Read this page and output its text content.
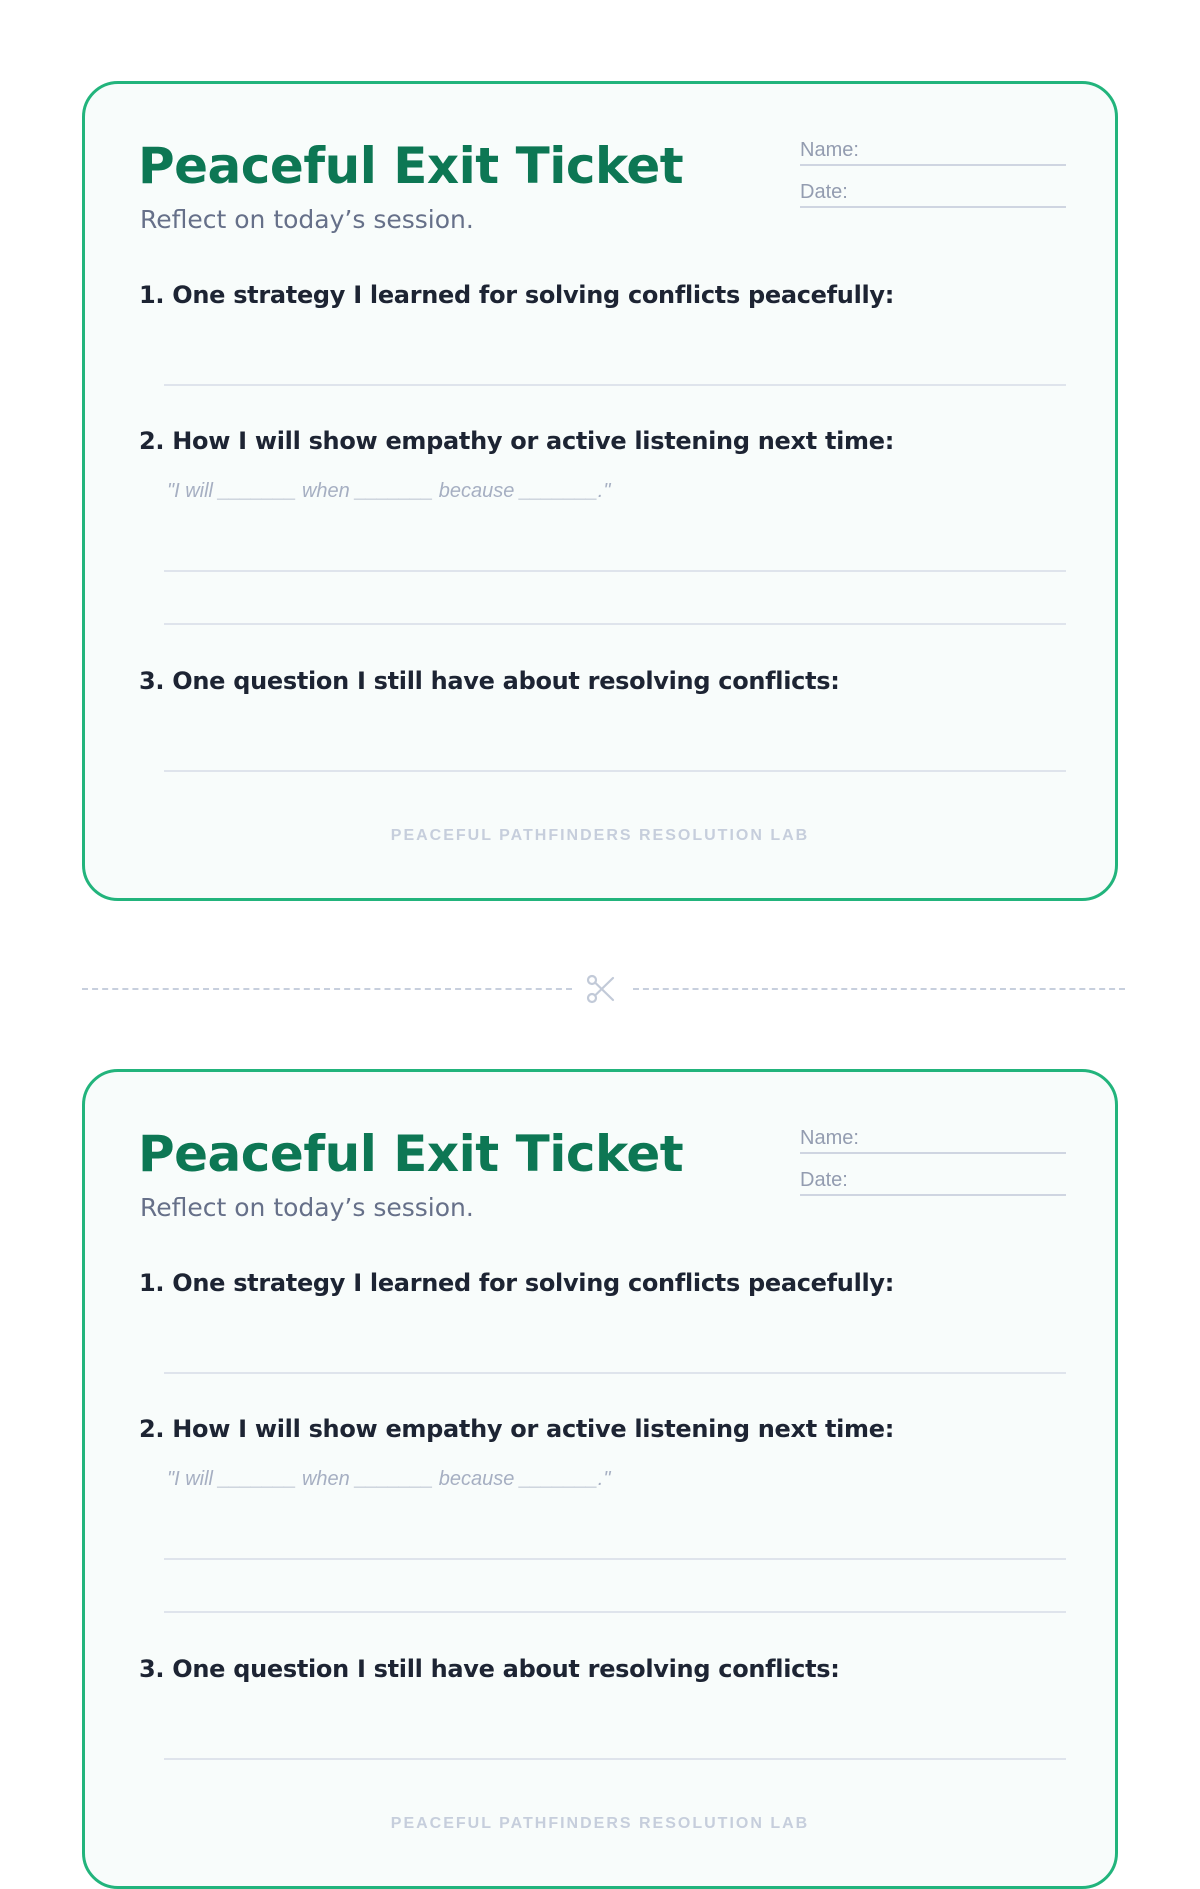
Peaceful Exit Ticket
Reflect on today’s session.
Name:
Date:
1. One strategy I learned for solving conflicts peacefully:
2. How I will show empathy or active listening next time:
"I will _______ when _______ because _______."
3. One question I still have about resolving conflicts:
PEACEFUL PATHFINDERS RESOLUTION LAB
Peaceful Exit Ticket
Reflect on today’s session.
Name:
Date:
1. One strategy I learned for solving conflicts peacefully:
2. How I will show empathy or active listening next time:
"I will _______ when _______ because _______."
3. One question I still have about resolving conflicts:
PEACEFUL PATHFINDERS RESOLUTION LAB
